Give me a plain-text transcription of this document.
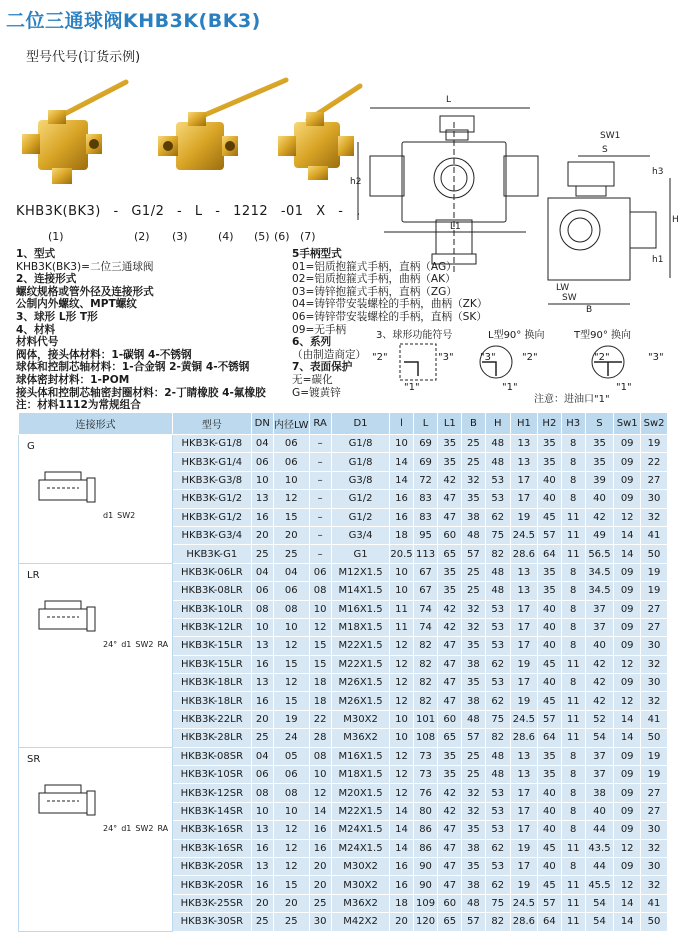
二位三通球阀KHB3K(BK3)
型号代号(订货示例)
L
L1
h2
SW1
S
h3
H
h1
LW
SW
B
KHB3K(BK3) - G1/2 - L - 1212 -01 X - .
(1)	(2) (3)	(4) (5) (6) (7)
1、型式
KHB3K(BK3)=二位三通球阀
2、连接形式
螺纹规格或管外径及连接形式
公制内外螺纹、MPT螺纹
3、球形 L形 T形
4、材料
材料代号
阀体，接头体材料：1-碳钢 4-不锈钢
球体和控制芯轴材料：1-合金钢 2-黄铜 4-不锈钢
球体密封材料：1-POM
接头体和控制芯轴密封圈材料：2-丁睛橡胶 4-氟橡胶
注：材料1112为常规组合
5手柄型式
01=铝质抱箍式手柄，直柄（AG）
02=铝质抱箍式手柄，曲柄（AK）
03=铸锌抱箍式手柄，直柄（ZG）
04=铸锌带安装螺栓的手柄，曲柄（ZK）
06=铸锌带安装螺栓的手柄，直柄（SK）
09=无手柄
6、系列
（由制造商定）
7、表面保护
无=碳化
G=镀黄锌
3、球形功能符号	L型90° 换向	T型90° 换向
"2"	"3"
"1"
"3"
"1"
"2"	"2"	"3"
"1"
注意：进油口"1"
连接形式	型号	DN	内径LW	RA	D1	l	L	L1	B	H	H1	H2	H3	S	Sw1	Sw2

G
d1 SW2	HKB3K-G1/8	04	06	–	G1/8	10	69	35	25	48	13	35	8	35	09	19
	HKB3K-G1/4	06	06	–	G1/8	14	69	35	25	48	13	35	8	35	09	22
	HKB3K-G3/8	10	10	–	G3/8	14	72	42	32	53	17	40	8	39	09	27
	HKB3K-G1/2	13	12	–	G1/2	16	83	47	35	53	17	40	8	40	09	30
	HKB3K-G1/2	16	15	–	G1/2	16	83	47	38	62	19	45	11	42	12	32
	HKB3K-G3/4	20	20	–	G3/4	18	95	60	48	75	24.5	57	11	49	14	41
	HKB3K-G1	25	25	–	G1	20.5	113	65	57	82	28.6	64	11	56.5	14	50

LR
24° d1 SW2 RA	HKB3K-06LR	04	04	06	M12X1.5	10	67	35	25	48	13	35	8	34.5	09	19
	HKB3K-08LR	06	06	08	M14X1.5	10	67	35	25	48	13	35	8	34.5	09	19
	HKB3K-10LR	08	08	10	M16X1.5	11	74	42	32	53	17	40	8	37	09	27
	HKB3K-12LR	10	10	12	M18X1.5	11	74	42	32	53	17	40	8	37	09	27
	HKB3K-15LR	13	12	15	M22X1.5	12	82	47	35	53	17	40	8	40	09	30
	HKB3K-15LR	16	15	15	M22X1.5	12	82	47	38	62	19	45	11	42	12	32
	HKB3K-18LR	13	12	18	M26X1.5	12	82	47	35	53	17	40	8	42	09	30
	HKB3K-18LR	16	15	18	M26X1.5	12	82	47	38	62	19	45	11	42	12	32
	HKB3K-22LR	20	19	22	M30X2	10	101	60	48	75	24.5	57	11	52	14	41
	HKB3K-28LR	25	24	28	M36X2	10	108	65	57	82	28.6	64	11	54	14	50

SR
24° d1 SW2 RA	HKB3K-08SR	04	05	08	M16X1.5	12	73	35	25	48	13	35	8	37	09	19
	HKB3K-10SR	06	06	10	M18X1.5	12	73	35	25	48	13	35	8	37	09	19
	HKB3K-12SR	08	08	12	M20X1.5	12	76	42	32	53	17	40	8	38	09	27
	HKB3K-14SR	10	10	14	M22X1.5	14	80	42	32	53	17	40	8	40	09	27
	HKB3K-16SR	13	12	16	M24X1.5	14	86	47	35	53	17	40	8	44	09	30
	HKB3K-16SR	16	12	16	M24X1.5	14	86	47	38	62	19	45	11	43.5	12	32
	HKB3K-20SR	13	12	20	M30X2	16	90	47	35	53	17	40	8	44	09	30
	HKB3K-20SR	16	15	20	M30X2	16	90	47	38	62	19	45	11	45.5	12	32
	HKB3K-25SR	20	20	25	M36X2	18	109	60	48	75	24.5	57	11	54	14	41
	HKB3K-30SR	25	25	30	M42X2	20	120	65	57	82	28.6	64	11	54	14	50
